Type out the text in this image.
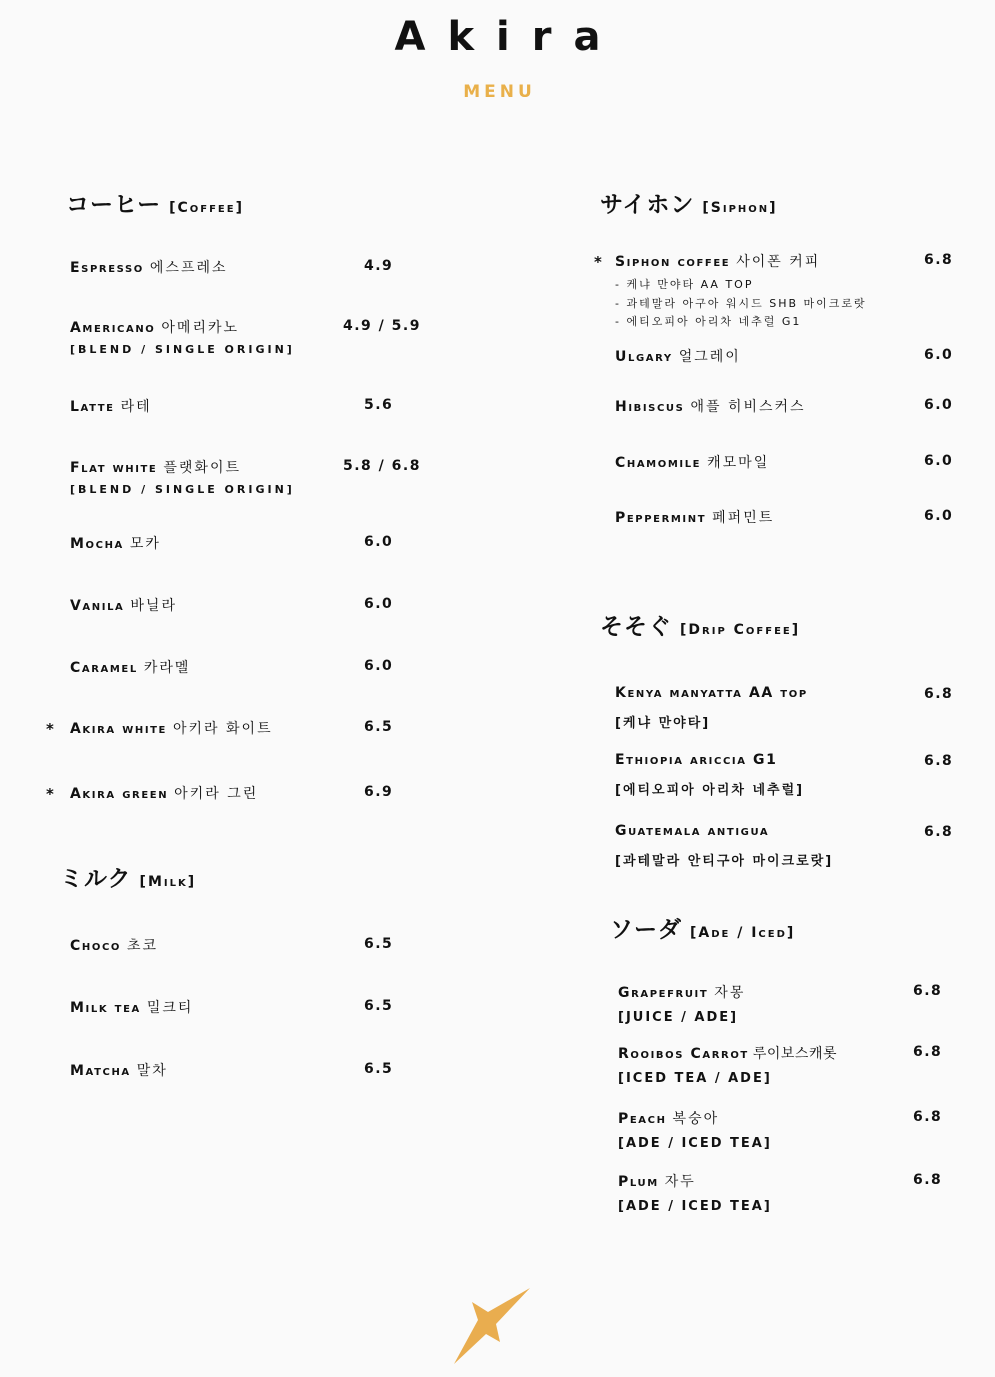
Akira
MENU
コーヒー [Coffee]
Espresso 에스프레소	4.9
Americano 아메리카노	4.9 / 5.9
[BLEND / SINGLE ORIGIN]
Latte 라테	5.6
Flat white 플랫화이트	5.8 / 6.8
[BLEND / SINGLE ORIGIN]
Mocha 모카	6.0
Vanila 바닐라	6.0
Caramel 카라멜	6.0
* Akira white 아키라 화이트	6.5
* Akira green 아키라 그린	6.9
ミルク [Milk]
Choco 초코	6.5
Milk tea 밀크티	6.5
Matcha 말차	6.5
サイホン [Siphon]
* Siphon coffee 사이폰 커피	6.8
- 케냐 만야타 AA TOP
- 과테말라 아구아 워시드 SHB 마이크로랏
- 에티오피아 아리차 네추럴 G1
Ulgary 얼그레이	6.0
Hibiscus 애플 히비스커스	6.0
Chamomile 캐모마일	6.0
Peppermint 페퍼민트	6.0
そそぐ [Drip Coffee]
Kenya manyatta AA top	6.8
[케냐 만야타]
Ethiopia ariccia G1	6.8
[에티오피아 아리차 네추럴]
Guatemala antigua	6.8
[과테말라 안티구아 마이크로랏]
ソーダ [Ade / Iced]
Grapefruit 자몽	6.8
[JUICE / ADE]
Rooibos Carrot 루이보스캐롯	6.8
[ICED TEA / ADE]
Peach 복숭아	6.8
[ADE / ICED TEA]
Plum 자두	6.8
[ADE / ICED TEA]
